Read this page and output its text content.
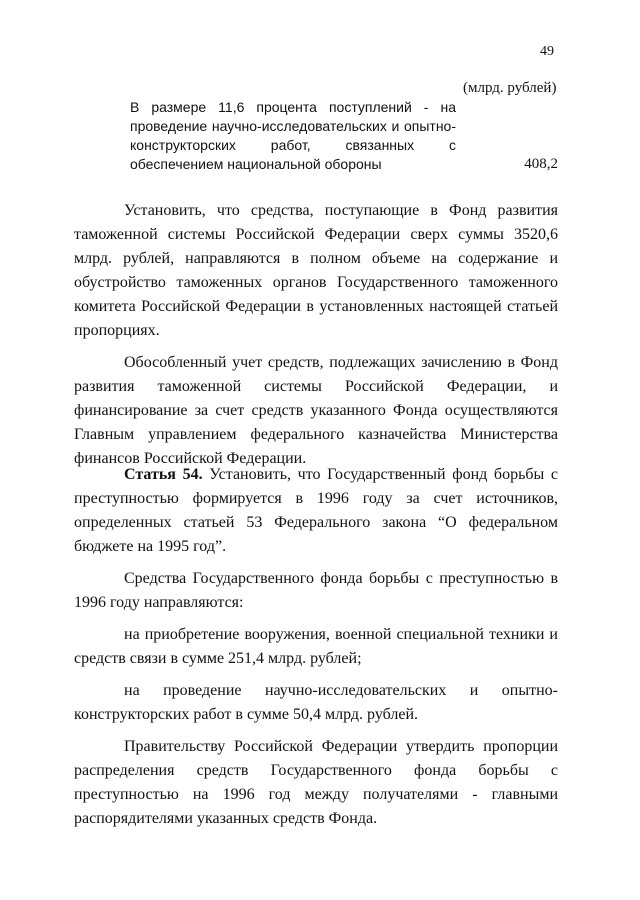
49
(млрд. рублей)
В размере 11,6 процента поступлений - на проведение научно-исследовательских и опытно-конструкторских работ, связанных с обеспечением национальной обороны	408,2

Установить, что средства, поступающие в Фонд развития таможенной системы Российской Федерации сверх суммы 3520,6 млрд. рублей, направляются в полном объеме на содержание и обустройство таможенных органов Государственного таможенного комитета Российской Федерации в установленных настоящей статьей пропорциях.

Обособленный учет средств, подлежащих зачислению в Фонд развития таможенной системы Российской Федерации, и финансирование за счет средств указанного Фонда осуществляются Главным управлением федерального казначейства Министерства финансов Российской Федерации.

Статья 54. Установить, что Государственный фонд борьбы с преступностью формируется в 1996 году за счет источников, определенных статьей 53 Федерального закона “О федеральном бюджете на 1995 год”.

Средства Государственного фонда борьбы с преступностью в 1996 году направляются:

на приобретение вооружения, военной специальной техники и средств связи в сумме 251,4 млрд. рублей;

на проведение научно-исследовательских и опытно-конструкторских работ в сумме 50,4 млрд. рублей.

Правительству Российской Федерации утвердить пропорции распределения средств Государственного фонда борьбы с преступностью на 1996 год между получателями - главными распорядителями указанных средств Фонда.
